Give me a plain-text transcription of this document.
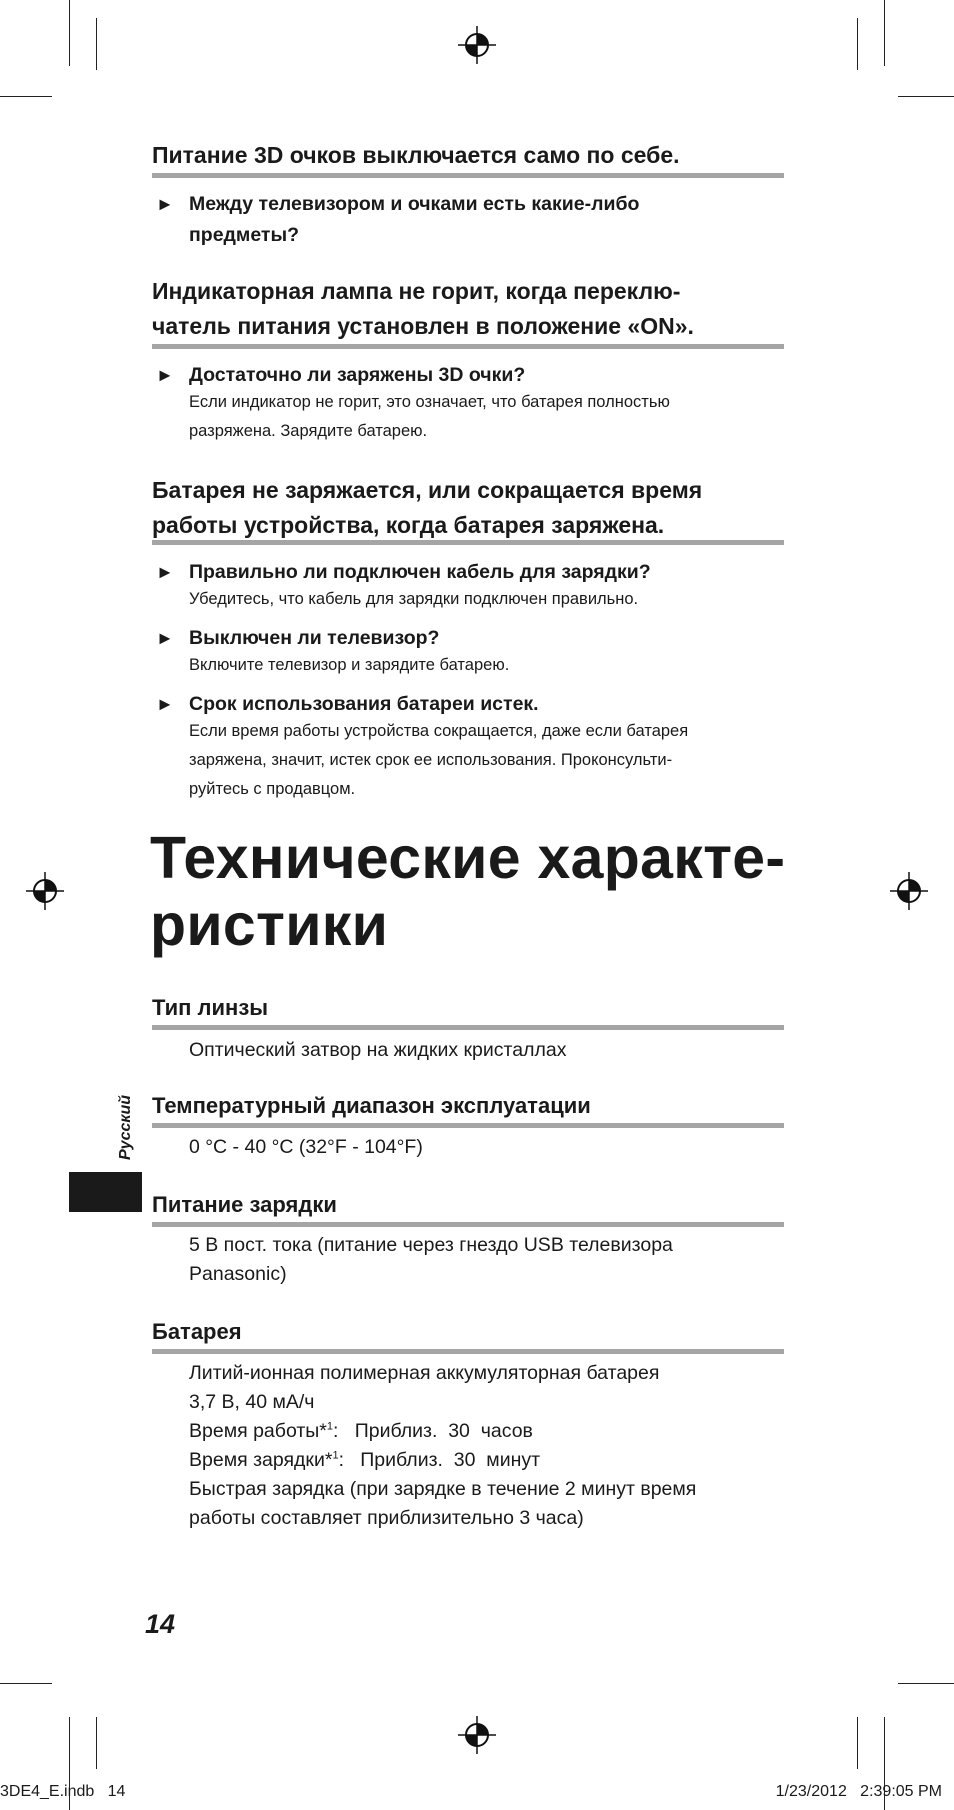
Питание 3D очков выключается само по себе.
► Между телевизором и очками есть какие-либо
предметы?
Индикаторная лампа не горит, когда переклю-
чатель питания установлен в положение «ON».
► Достаточно ли заряжены 3D очки?
Если индикатор не горит, это означает, что батарея полностью
разряжена. Зарядите батарею.
Батарея не заряжается, или сокращается время
работы устройства, когда батарея заряжена.
► Правильно ли подключен кабель для зарядки?
Убедитесь, что кабель для зарядки подключен правильно.
► Выключен ли телевизор?
Включите телевизор и зарядите батарею.
► Срок использования батареи истек.
Если время работы устройства сокращается, даже если батарея
заряжена, значит, истек срок ее использования. Проконсульти-
руйтесь с продавцом.
Технические характе-
ристики
Тип линзы
Оптический затвор на жидких кристаллах
Температурный диапазон эксплуатации
0 °C - 40 °C (32°F - 104°F)
Питание зарядки
5 В пост. тока (питание через гнездо USB телевизора
Panasonic)
Батарея
Литий-ионная полимерная аккумуляторная батарея
3,7 В, 40 мА/ч
Время работы*$^1$: Приблиз.  30  часов
Время зарядки*$^1$: Приблиз.  30  минут
Быстрая зарядка (при зарядке в течение 2 минут время
работы составляет приблизительно 3 часа)
Русский
14
3DE4_E.indb   14	1/23/2012   2:39:05 PM
